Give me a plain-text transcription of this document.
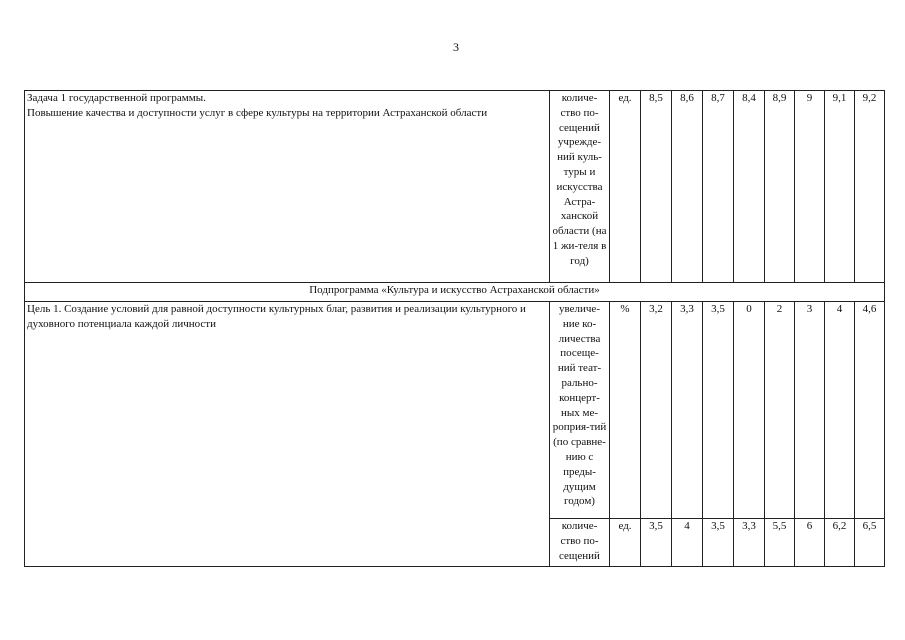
3
Задача 1 государственной программы.
Повышение качества и доступности услуг в сфере культуры на территории Астраханской области	количе-ство по-сещений учрежде-ний куль-туры и искусства Астра-ханской области (на 1 жи-теля в год)	ед.	8,5	8,6	8,7	8,4	8,9	9	9,1	9,2
Подпрограмма «Культура и искусство Астраханской области»										
Цель 1. Создание условий для равной доступности культурных благ, развития и реализации культурного и духовного потенциала каждой личности	увеличе-ние ко-личества посеще-ний теат-рально-концерт-ных ме-роприя-тий (по сравне-нию с преды-дущим годом)	%	3,2	3,3	3,5	0	2	3	4	4,6
	количе-ство по-сещений	ед.	3,5	4	3,5	3,3	5,5	6	6,2	6,5
